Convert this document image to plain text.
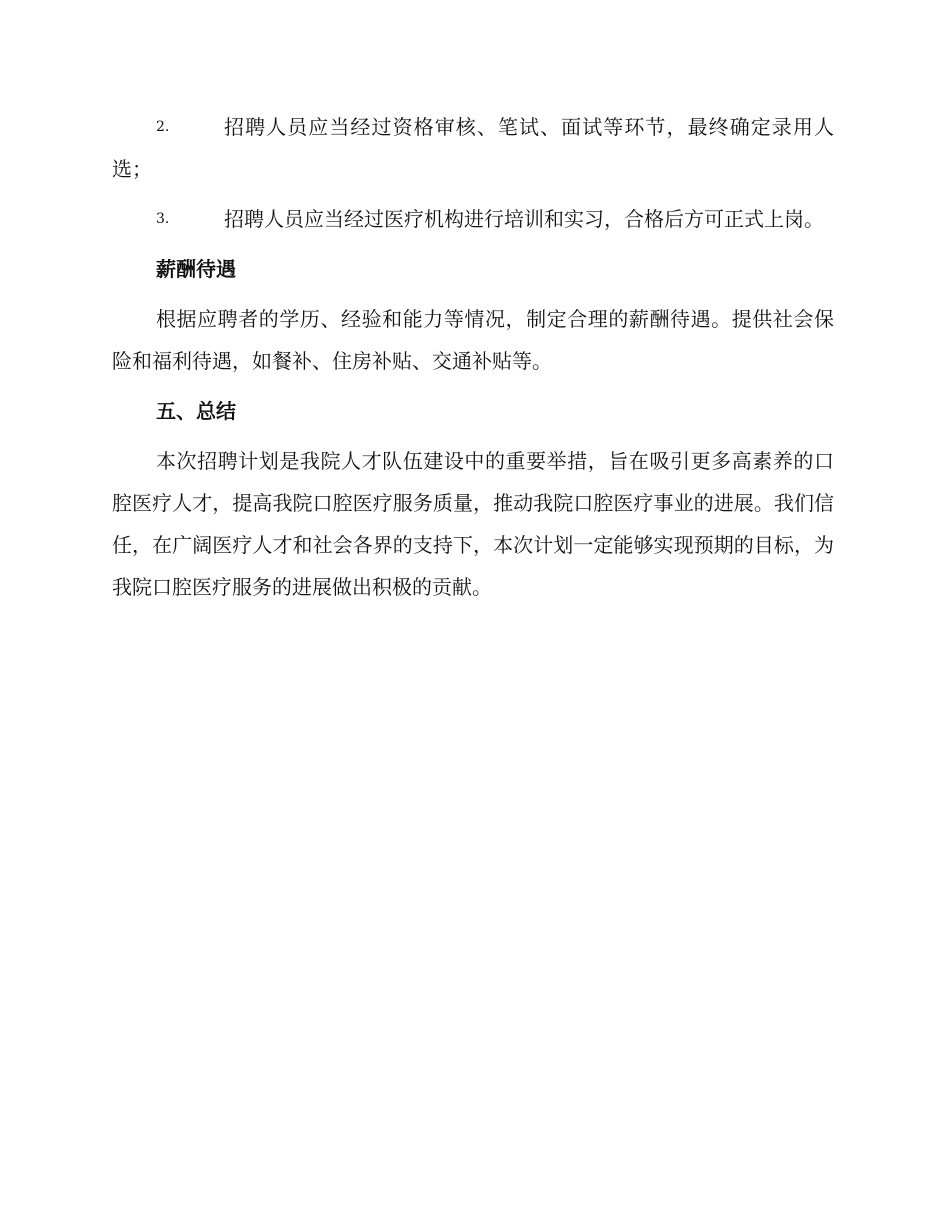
2.	招聘人员应当经过资格审核、笔试、面试等环节，最终确定录用人选；
3.	招聘人员应当经过医疗机构进行培训和实习，合格后方可正式上岗。
薪酬待遇
根据应聘者的学历、经验和能力等情况，制定合理的薪酬待遇。提供社会保险和福利待遇，如餐补、住房补贴、交通补贴等。
五、总结
本次招聘计划是我院人才队伍建设中的重要举措，旨在吸引更多高素养的口腔医疗人才，提高我院口腔医疗服务质量，推动我院口腔医疗事业的进展。我们信任，在广阔医疗人才和社会各界的支持下，本次计划一定能够实现预期的目标，为我院口腔医疗服务的进展做出积极的贡献。
